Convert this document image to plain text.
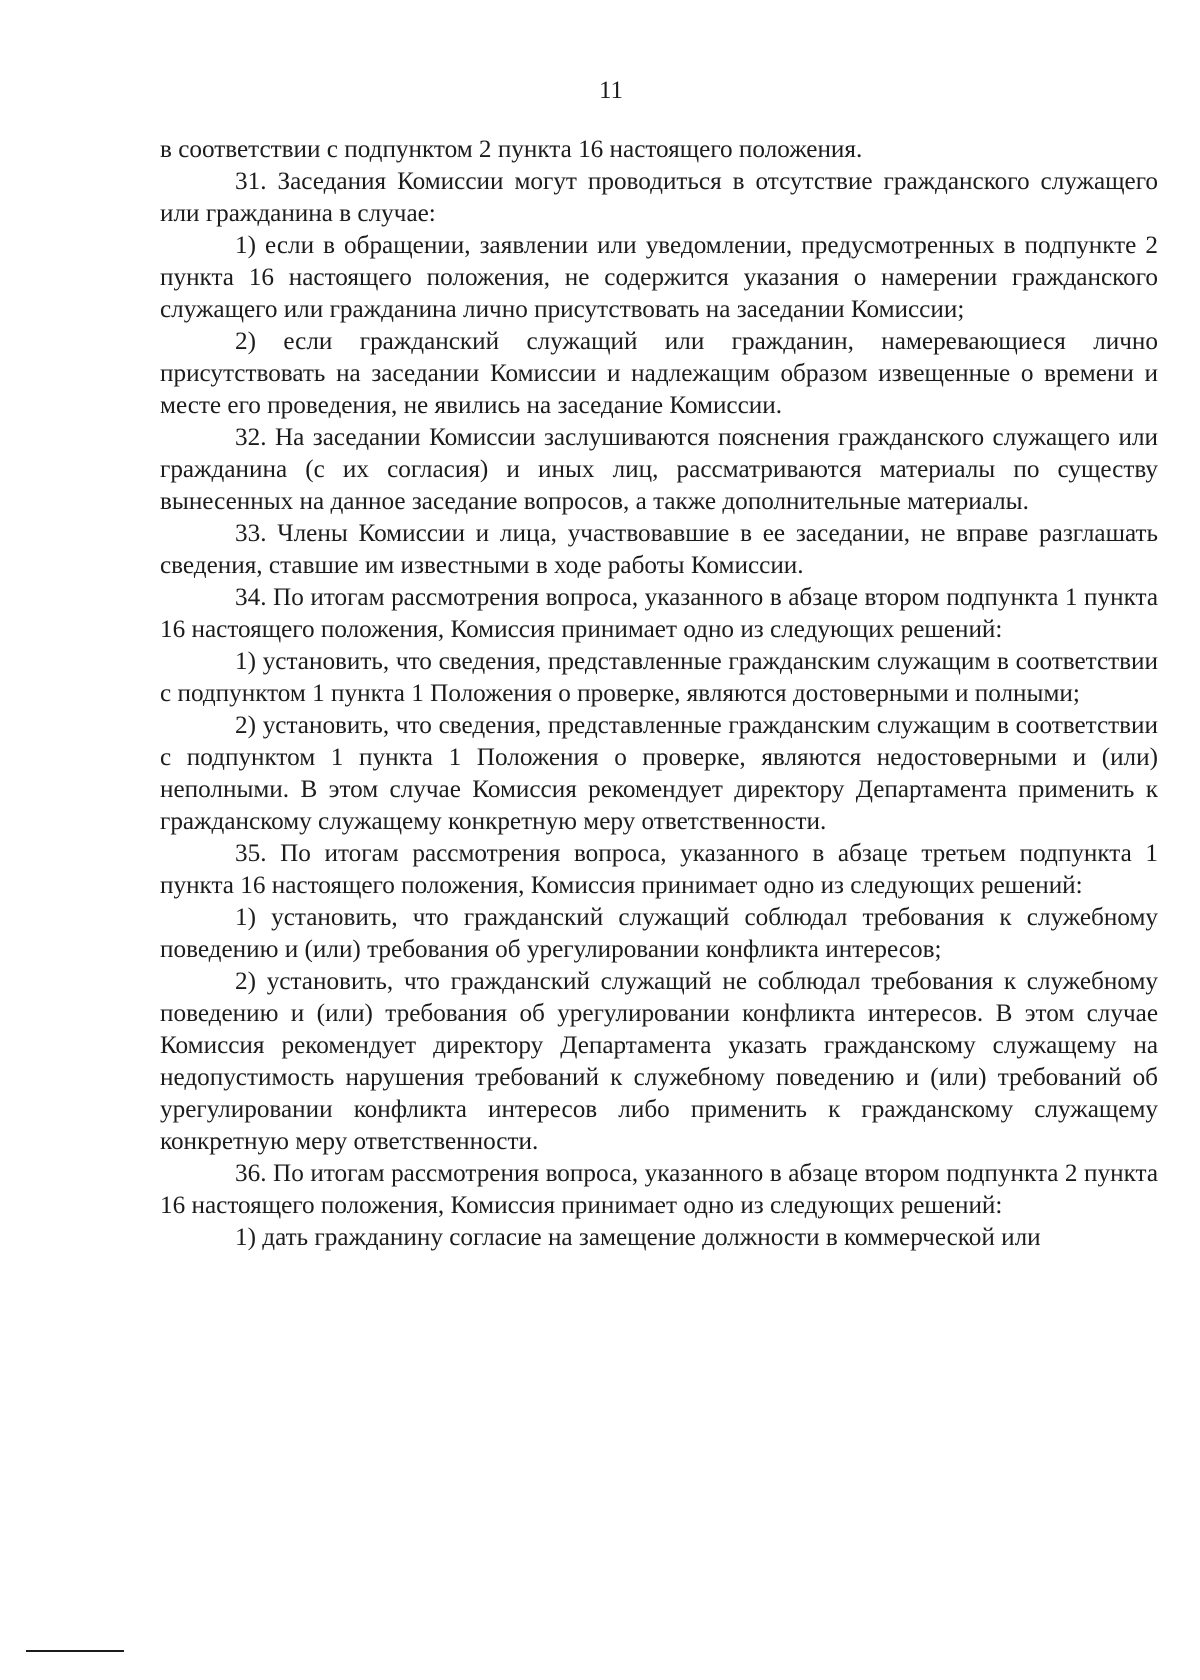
11

в соответствии с подпунктом 2 пункта 16 настоящего положения.

31. Заседания Комиссии могут проводиться в отсутствие гражданского служащего или гражданина в случае:

1) если в обращении, заявлении или уведомлении, предусмотренных в подпункте 2 пункта 16 настоящего положения, не содержится указания о намерении гражданского служащего или гражданина лично присутствовать на заседании Комиссии;

2) если гражданский служащий или гражданин, намеревающиеся лично присутствовать на заседании Комиссии и надлежащим образом извещенные о времени и месте его проведения, не явились на заседание Комиссии.

32. На заседании Комиссии заслушиваются пояснения гражданского служащего или гражданина (с их согласия) и иных лиц, рассматриваются материалы по существу вынесенных на данное заседание вопросов, а также дополнительные материалы.

33. Члены Комиссии и лица, участвовавшие в ее заседании, не вправе разглашать сведения, ставшие им известными в ходе работы Комиссии.

34. По итогам рассмотрения вопроса, указанного в абзаце втором подпункта 1 пункта 16 настоящего положения, Комиссия принимает одно из следующих решений:

1) установить, что сведения, представленные гражданским служащим в соответствии с подпунктом 1 пункта 1 Положения о проверке, являются достоверными и полными;

2) установить, что сведения, представленные гражданским служащим в соответствии с подпунктом 1 пункта 1 Положения о проверке, являются недостоверными и (или) неполными. В этом случае Комиссия рекомендует директору Департамента применить к гражданскому служащему конкретную меру ответственности.

35. По итогам рассмотрения вопроса, указанного в абзаце третьем подпункта 1 пункта 16 настоящего положения, Комиссия принимает одно из следующих решений:

1) установить, что гражданский служащий соблюдал требования к служебному поведению и (или) требования об урегулировании конфликта интересов;

2) установить, что гражданский служащий не соблюдал требования к служебному поведению и (или) требования об урегулировании конфликта интересов. В этом случае Комиссия рекомендует директору Департамента указать гражданскому служащему на недопустимость нарушения требований к служебному поведению и (или) требований об урегулировании конфликта интересов либо применить к гражданскому служащему конкретную меру ответственности.

36. По итогам рассмотрения вопроса, указанного в абзаце втором подпункта 2 пункта 16 настоящего положения, Комиссия принимает одно из следующих решений:

1) дать гражданину согласие на замещение должности в коммерческой или
